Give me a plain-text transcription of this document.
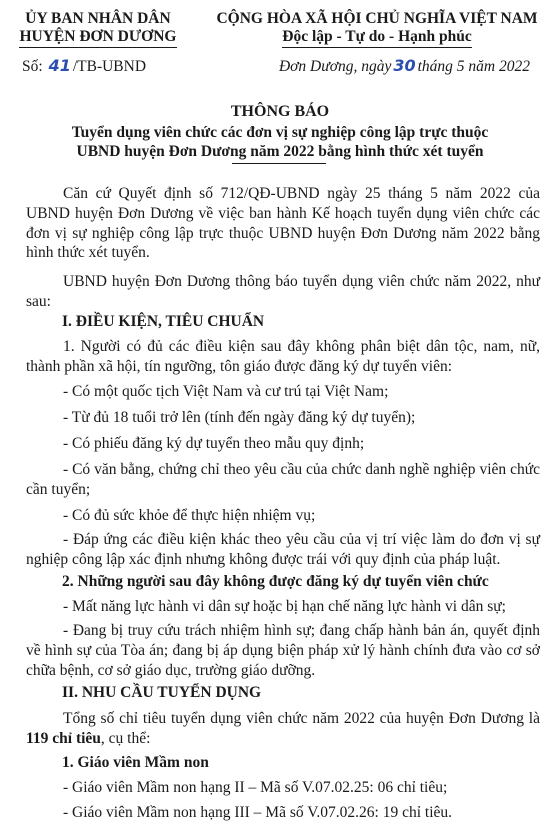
ỦY BAN NHÂN DÂN
HUYỆN ĐƠN DƯƠNG
CỘNG HÒA XÃ HỘI CHỦ NGHĨA VIỆT NAM
Độc lập - Tự do - Hạnh phúc
Số: 41 /TB-UBND	Đơn Dương, ngày 30 tháng 5 năm 2022
THÔNG BÁO
Tuyển dụng viên chức các đơn vị sự nghiệp công lập trực thuộc
UBND huyện Đơn Dương năm 2022 bằng hình thức xét tuyển
Căn cứ Quyết định số 712/QĐ-UBND ngày 25 tháng 5 năm 2022 của UBND huyện Đơn Dương về việc ban hành Kế hoạch tuyển dụng viên chức các đơn vị sự nghiệp công lập trực thuộc UBND huyện Đơn Dương năm 2022 bằng hình thức xét tuyển.
UBND huyện Đơn Dương thông báo tuyển dụng viên chức năm 2022, như sau:
I. ĐIỀU KIỆN, TIÊU CHUẨN
1. Người có đủ các điều kiện sau đây không phân biệt dân tộc, nam, nữ, thành phần xã hội, tín ngưỡng, tôn giáo được đăng ký dự tuyển viên:
- Có một quốc tịch Việt Nam và cư trú tại Việt Nam;
- Từ đủ 18 tuổi trở lên (tính đến ngày đăng ký dự tuyển);
- Có phiếu đăng ký dự tuyển theo mẫu quy định;
- Có văn bằng, chứng chỉ theo yêu cầu của chức danh nghề nghiệp viên chức cần tuyển;
- Có đủ sức khỏe để thực hiện nhiệm vụ;
- Đáp ứng các điều kiện khác theo yêu cầu của vị trí việc làm do đơn vị sự nghiệp công lập xác định nhưng không được trái với quy định của pháp luật.
2. Những người sau đây không được đăng ký dự tuyển viên chức
- Mất năng lực hành vi dân sự hoặc bị hạn chế năng lực hành vi dân sự;
- Đang bị truy cứu trách nhiệm hình sự; đang chấp hành bản án, quyết định về hình sự của Tòa án; đang bị áp dụng biện pháp xử lý hành chính đưa vào cơ sở chữa bệnh, cơ sở giáo dục, trường giáo dưỡng.
II. NHU CẦU TUYỂN DỤNG
Tổng số chỉ tiêu tuyển dụng viên chức năm 2022 của huyện Đơn Dương là 119 chỉ tiêu, cụ thể:
1. Giáo viên Mầm non
- Giáo viên Mầm non hạng II – Mã số V.07.02.25: 06 chỉ tiêu;
- Giáo viên Mầm non hạng III – Mã số V.07.02.26: 19 chỉ tiêu.
